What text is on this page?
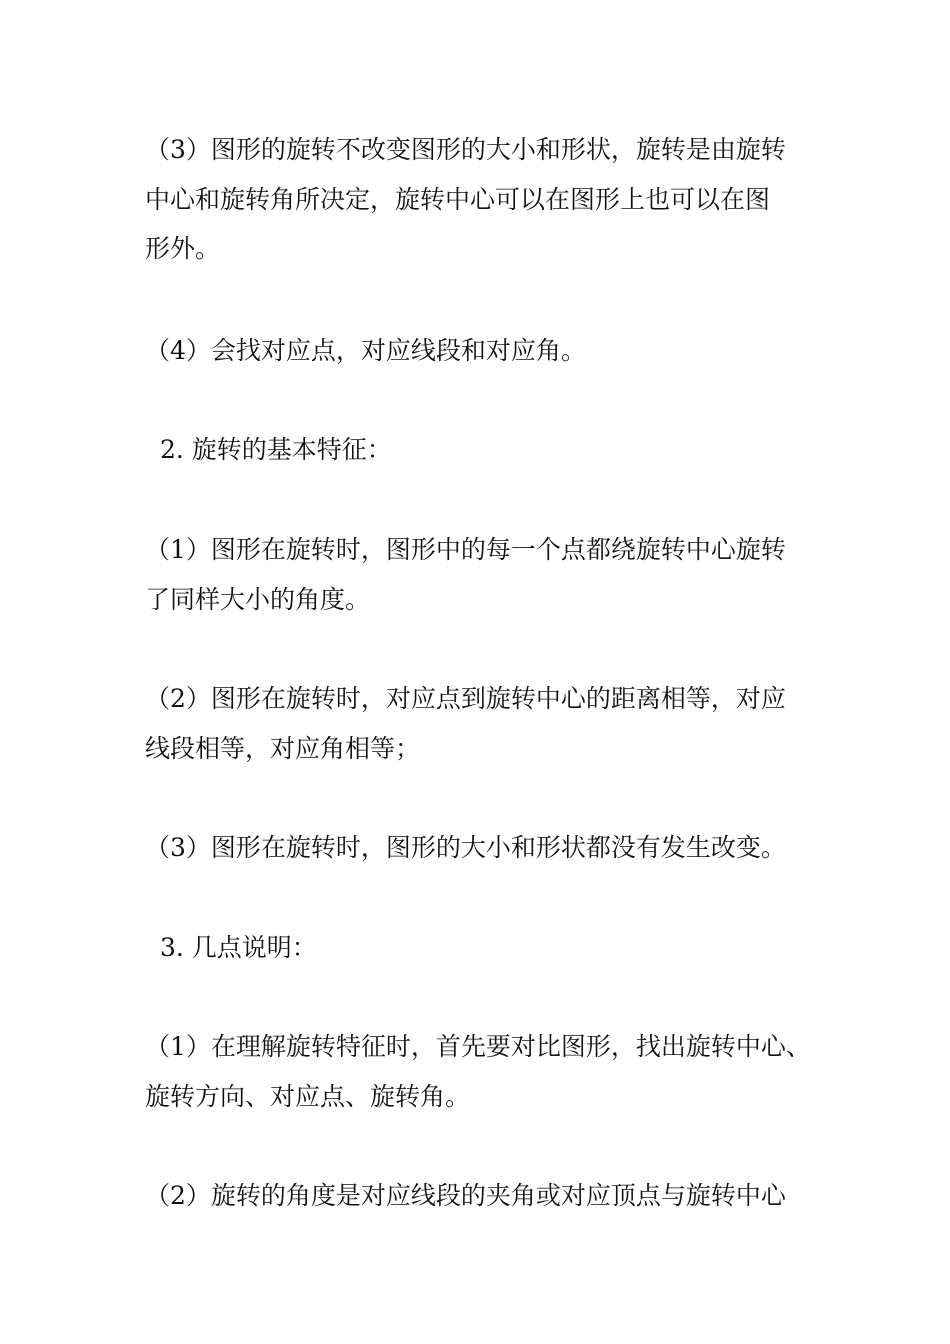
（3）图形的旋转不改变图形的大小和形状，旋转是由旋转
中心和旋转角所决定，旋转中心可以在图形上也可以在图
形外。
（4）会找对应点，对应线段和对应角。
2. 旋转的基本特征：
（1）图形在旋转时，图形中的每一个点都绕旋转中心旋转
了同样大小的角度。
（2）图形在旋转时，对应点到旋转中心的距离相等，对应
线段相等，对应角相等；
（3）图形在旋转时，图形的大小和形状都没有发生改变。
3. 几点说明：
（1）在理解旋转特征时，首先要对比图形，找出旋转中心、
旋转方向、对应点、旋转角。
（2）旋转的角度是对应线段的夹角或对应顶点与旋转中心
